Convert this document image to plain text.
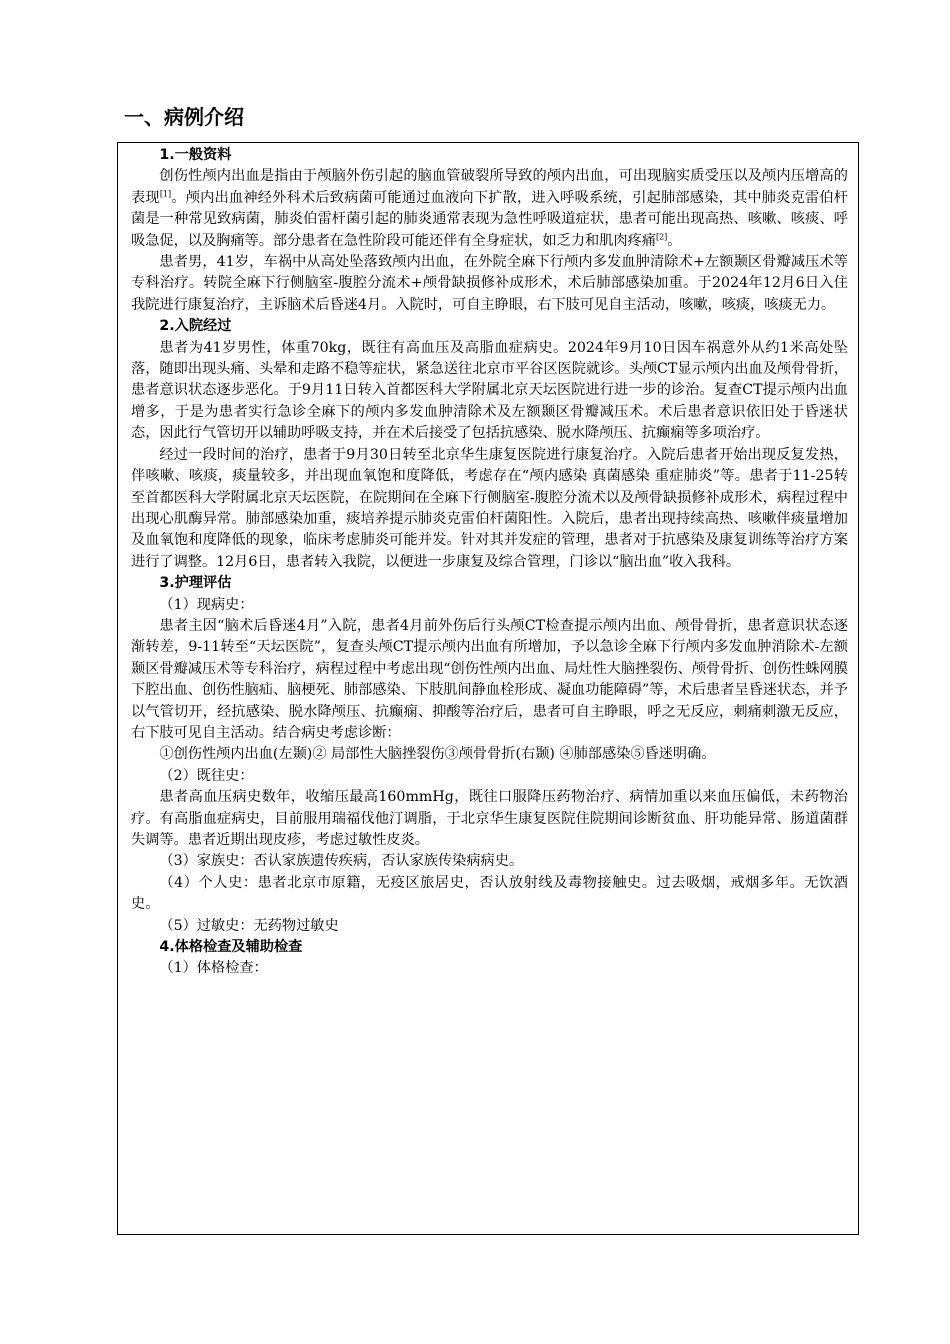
一、病例介绍

1.一般资料

创伤性颅内出血是指由于颅脑外伤引起的脑血管破裂所导致的颅内出血，可出现脑实质受压以及颅内压增高的表现[1]。颅内出血神经外科术后致病菌可能通过血液向下扩散，进入呼吸系统，引起肺部感染，其中肺炎克雷伯杆菌是一种常见致病菌，肺炎伯雷杆菌引起的肺炎通常表现为急性呼吸道症状，患者可能出现高热、咳嗽、咳痰、呼吸急促，以及胸痛等。部分患者在急性阶段可能还伴有全身症状，如乏力和肌肉疼痛[2]。

患者男，41岁，车祸中从高处坠落致颅内出血，在外院全麻下行颅内多发血肿清除术+左额颞区骨瓣减压术等专科治疗。转院全麻下行侧脑室-腹腔分流术+颅骨缺损修补成形术，术后肺部感染加重。于2024年12月6日入住我院进行康复治疗，主诉脑术后昏迷4月。入院时，可自主睁眼，右下肢可见自主活动，咳嗽，咳痰，咳痰无力。

2.入院经过

患者为41岁男性，体重70kg，既往有高血压及高脂血症病史。2024年9月10日因车祸意外从约1米高处坠落，随即出现头痛、头晕和走路不稳等症状，紧急送往北京市平谷区医院就诊。头颅CT显示颅内出血及颅骨骨折，患者意识状态逐步恶化。于9月11日转入首都医科大学附属北京天坛医院进行进一步的诊治。复查CT提示颅内出血增多，于是为患者实行急诊全麻下的颅内多发血肿清除术及左额颞区骨瓣减压术。术后患者意识依旧处于昏迷状态，因此行气管切开以辅助呼吸支持，并在术后接受了包括抗感染、脱水降颅压、抗癫痫等多项治疗。

经过一段时间的治疗，患者于9月30日转至北京华生康复医院进行康复治疗。入院后患者开始出现反复发热，伴咳嗽、咳痰，痰量较多，并出现血氧饱和度降低，考虑存在“颅内感染 真菌感染 重症肺炎”等。患者于11-25转至首都医科大学附属北京天坛医院，在院期间在全麻下行侧脑室-腹腔分流术以及颅骨缺损修补成形术，病程过程中出现心肌酶异常。肺部感染加重，痰培养提示肺炎克雷伯杆菌阳性。入院后，患者出现持续高热、咳嗽伴痰量增加及血氧饱和度降低的现象，临床考虑肺炎可能并发。针对其并发症的管理，患者对于抗感染及康复训练等治疗方案进行了调整。12月6日，患者转入我院，以便进一步康复及综合管理，门诊以“脑出血”收入我科。

3.护理评估

（1）现病史：

患者主因“脑术后昏迷4月”入院，患者4月前外伤后行头颅CT检查提示颅内出血、颅骨骨折，患者意识状态逐渐转差，9-11转至“天坛医院”，复查头颅CT提示颅内出血有所增加，予以急诊全麻下行颅内多发血肿消除术-左额颞区骨瓣减压术等专科治疗，病程过程中考虑出现“创伤性颅内出血、局灶性大脑挫裂伤、颅骨骨折、创伤性蛛网膜下腔出血、创伤性脑疝、脑梗死、肺部感染、下肢肌间静血栓形成、凝血功能障碍”等，术后患者呈昏迷状态，并予以气管切开，经抗感染、脱水降颅压、抗癫痫、抑酸等治疗后，患者可自主睁眼，呼之无反应，刺痛刺激无反应，右下肢可见自主活动。结合病史考虑诊断：

①创伤性颅内出血(左颞)② 局部性大脑挫裂伤③颅骨骨折(右颞) ④肺部感染⑤昏迷明确。

（2）既往史：

患者高血压病史数年，收缩压最高160mmHg，既往口服降压药物治疗、病情加重以来血压偏低，未药物治疗。有高脂血症病史，目前服用瑞福伐他汀调脂，于北京华生康复医院住院期间诊断贫血、肝功能异常、肠道菌群失调等。患者近期出现皮疹，考虑过敏性皮炎。

（3）家族史：否认家族遗传疾病，否认家族传染病病史。

（4）个人史：患者北京市原籍，无疫区旅居史，否认放射线及毒物接触史。过去吸烟，戒烟多年。无饮酒史。

（5）过敏史：无药物过敏史

4.体格检查及辅助检查

（1）体格检查：
